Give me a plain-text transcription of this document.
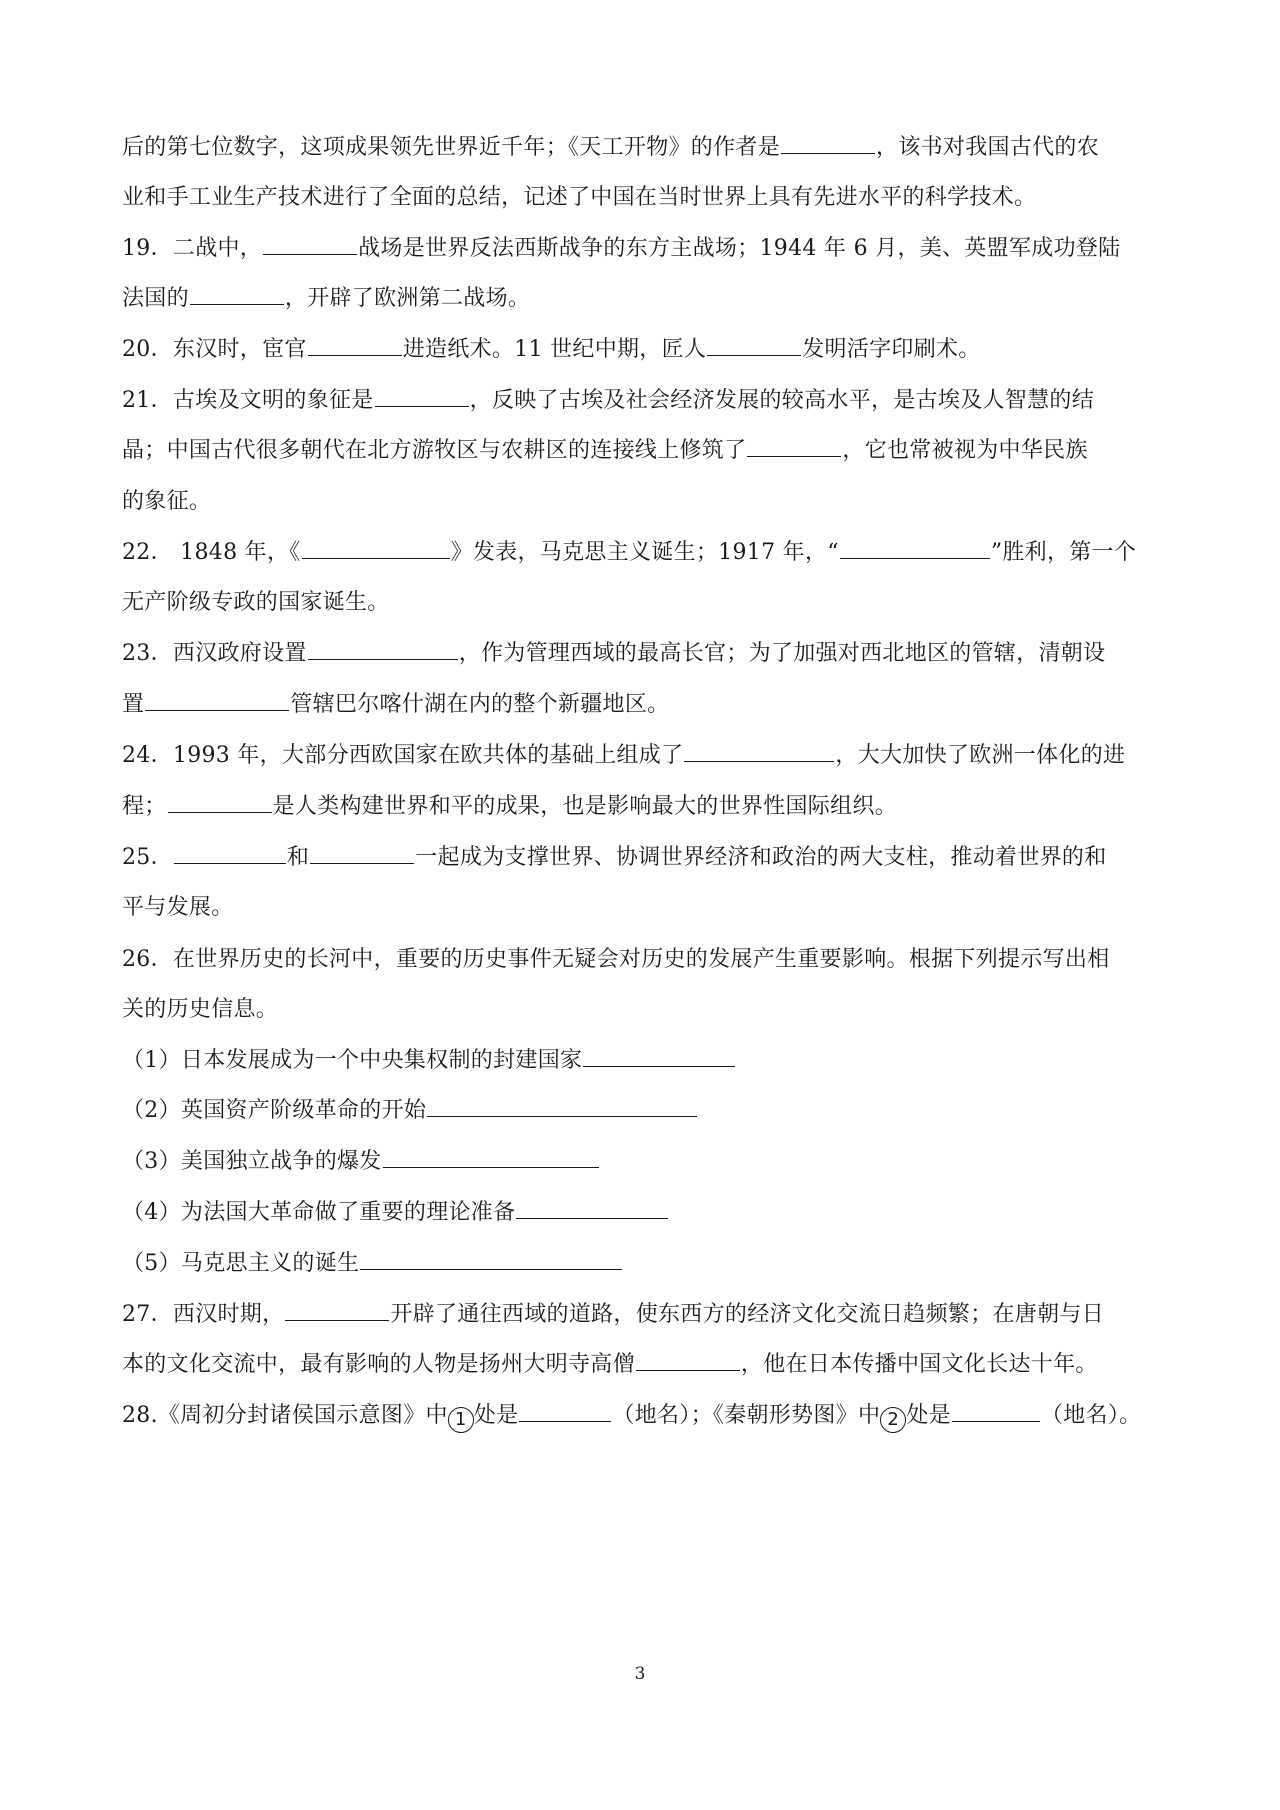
后的第七位数字，这项成果领先世界近千年；《天工开物》的作者是	，该书对我国古代的农
业和手工业生产技术进行了全面的总结，记述了中国在当时世界上具有先进水平的科学技术。
19．二战中，	战场是世界反法西斯战争的东方主战场；1944 年 6 月，美、英盟军成功登陆
法国的	，开辟了欧洲第二战场。
20．东汉时，宦官	进造纸术。11 世纪中期，匠人	发明活字印刷术。
21．古埃及文明的象征是	，反映了古埃及社会经济发展的较高水平，是古埃及人智慧的结
晶；中国古代很多朝代在北方游牧区与农耕区的连接线上修筑了	，它也常被视为中华民族
的象征。
22． 1848 年，《	》发表，马克思主义诞生；1917 年，“	”胜利，第一个
无产阶级专政的国家诞生。
23．西汉政府设置	，作为管理西域的最高长官；为了加强对西北地区的管辖，清朝设
置	管辖巴尔喀什湖在内的整个新疆地区。
24．1993 年，大部分西欧国家在欧共体的基础上组成了	，大大加快了欧洲一体化的进
程；	是人类构建世界和平的成果，也是影响最大的世界性国际组织。
25．	和	一起成为支撑世界、协调世界经济和政治的两大支柱，推动着世界的和
平与发展。
26．在世界历史的长河中，重要的历史事件无疑会对历史的发展产生重要影响。根据下列提示写出相
关的历史信息。
（1）日本发展成为一个中央集权制的封建国家
（2）英国资产阶级革命的开始
（3）美国独立战争的爆发
（4）为法国大革命做了重要的理论准备
（5）马克思主义的诞生
27．西汉时期，	开辟了通往西域的道路，使东西方的经济文化交流日趋频繁；在唐朝与日
本的文化交流中，最有影响的人物是扬州大明寺高僧	，他在日本传播中国文化长达十年。
28.《周初分封诸侯国示意图》中 1 处是	（地名）；《秦朝形势图》中 2 处是	（地名）。
3
